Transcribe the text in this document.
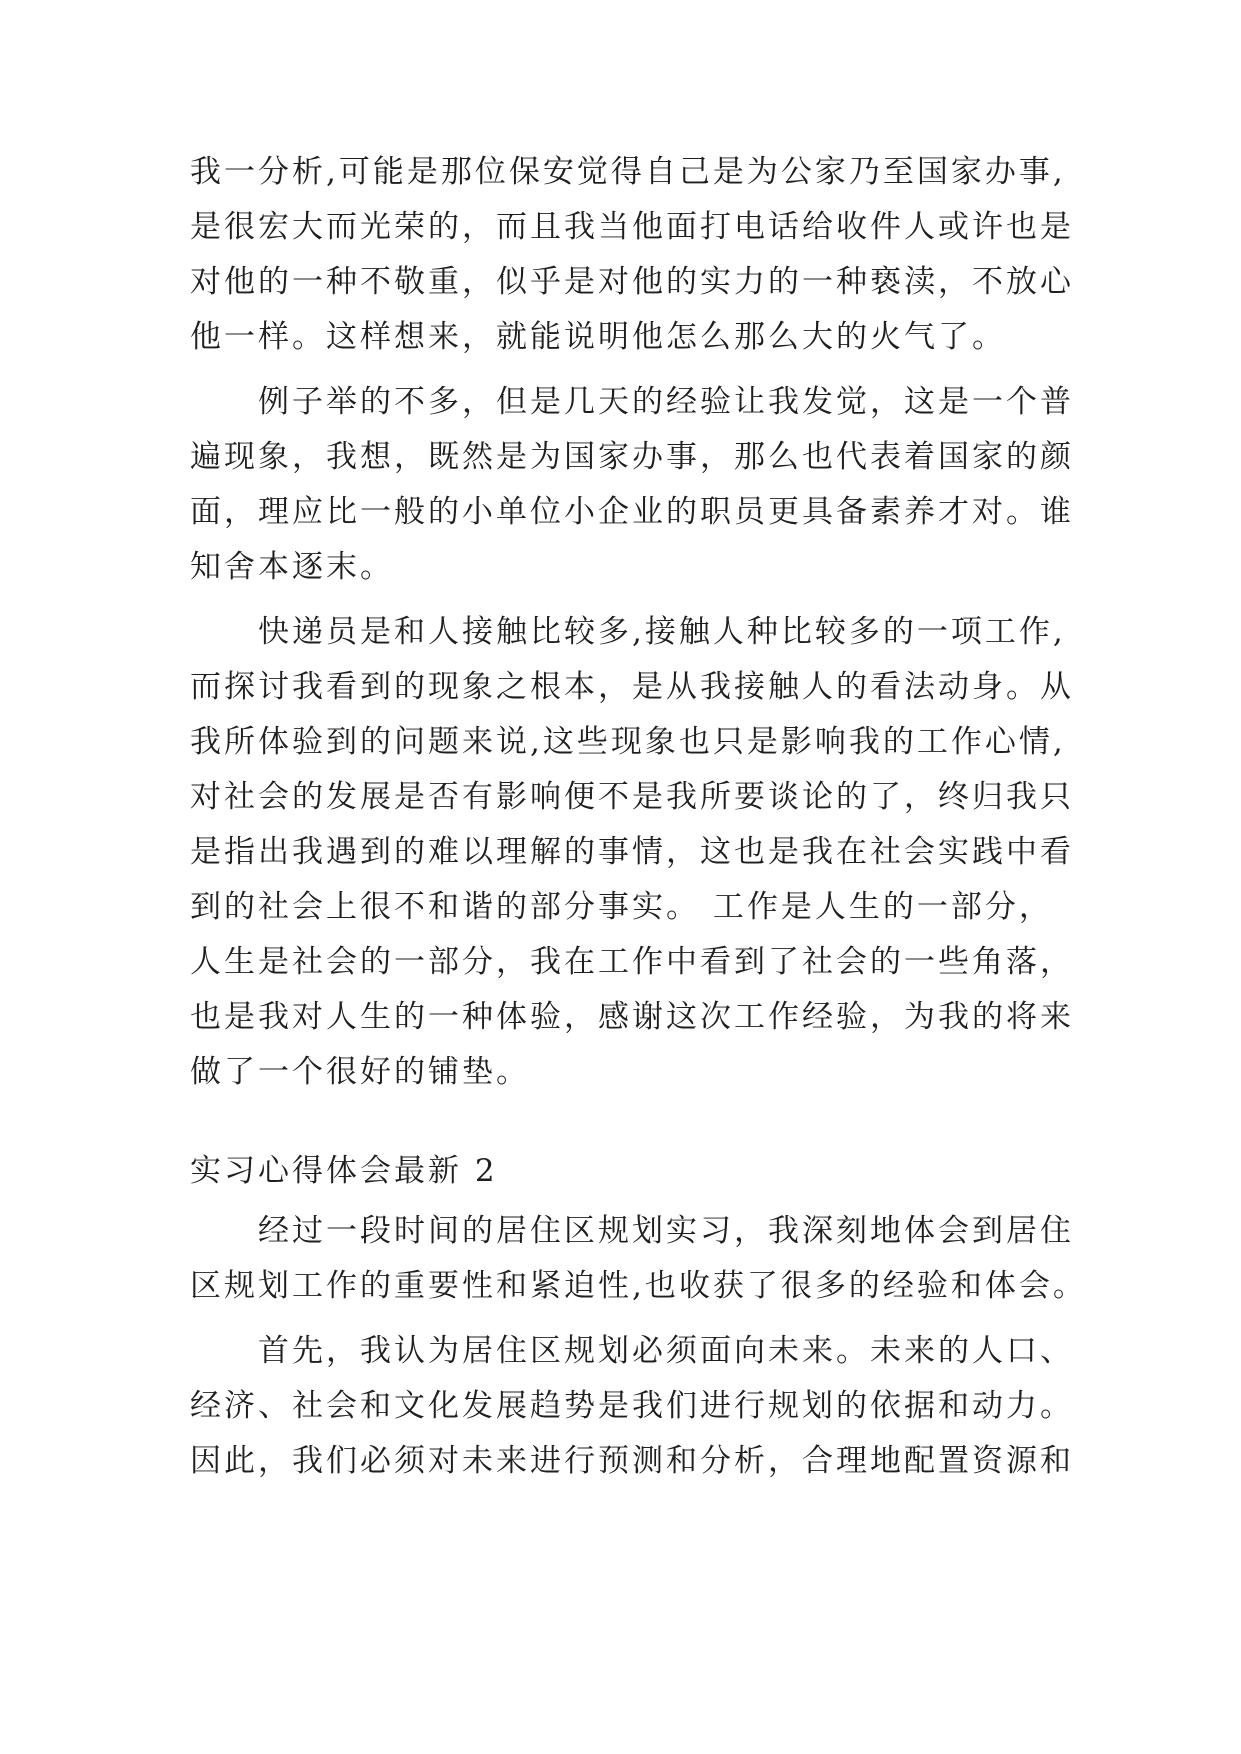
我一分析,可能是那位保安觉得自己是为公家乃至国家办事,
是很宏大而光荣的，而且我当他面打电话给收件人或许也是
对他的一种不敬重，似乎是对他的实力的一种亵渎，不放心
他一样。这样想来，就能说明他怎么那么大的火气了。
　　例子举的不多，但是几天的经验让我发觉，这是一个普
遍现象，我想，既然是为国家办事，那么也代表着国家的颜
面，理应比一般的小单位小企业的职员更具备素养才对。谁
知舍本逐末。
　　快递员是和人接触比较多,接触人种比较多的一项工作,
而探讨我看到的现象之根本，是从我接触人的看法动身。从
我所体验到的问题来说,这些现象也只是影响我的工作心情,
对社会的发展是否有影响便不是我所要谈论的了，终归我只
是指出我遇到的难以理解的事情，这也是我在社会实践中看
到的社会上很不和谐的部分事实。 工作是人生的一部分，
人生是社会的一部分，我在工作中看到了社会的一些角落，
也是我对人生的一种体验，感谢这次工作经验，为我的将来
做了一个很好的铺垫。
实习心得体会最新 2
　　经过一段时间的居住区规划实习，我深刻地体会到居住
区规划工作的重要性和紧迫性,也收获了很多的经验和体会。
　　首先，我认为居住区规划必须面向未来。未来的人口、
经济、社会和文化发展趋势是我们进行规划的依据和动力。
因此，我们必须对未来进行预测和分析，合理地配置资源和
